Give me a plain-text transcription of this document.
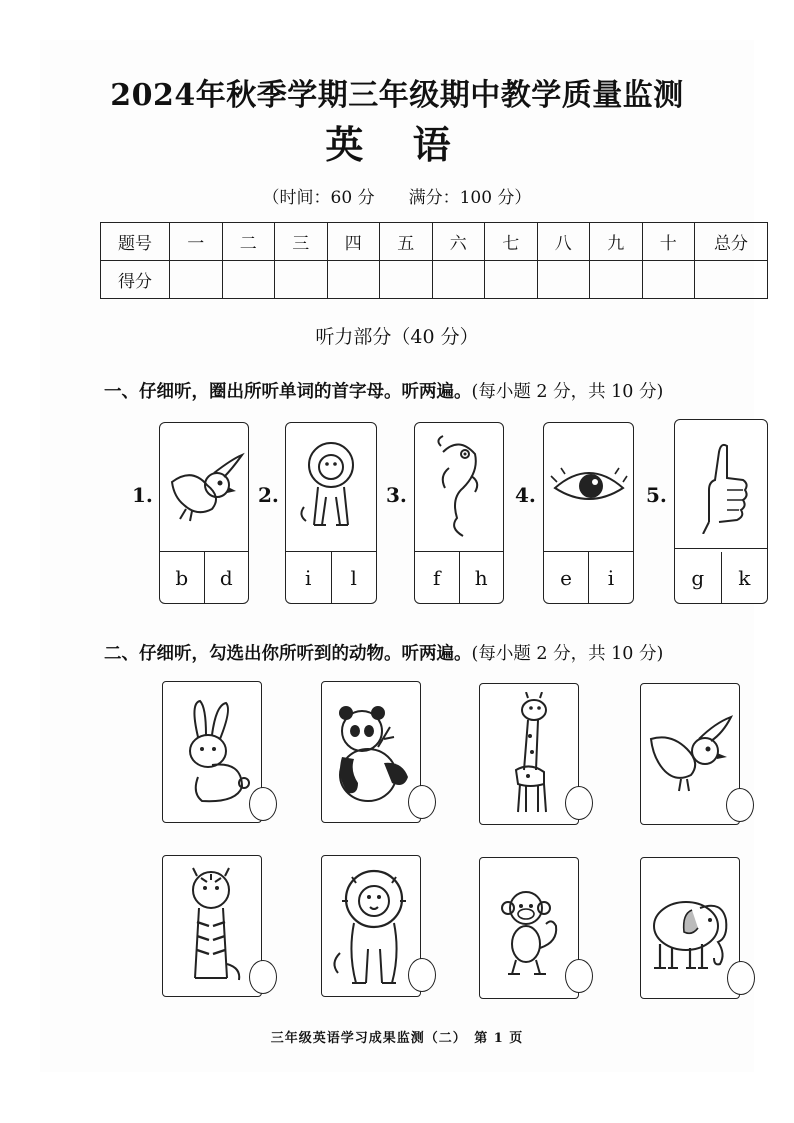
2024年秋季学期三年级期中教学质量监测
英 语
（时间：60 分　　满分：100 分）
题号	一	二	三	四	五	六	七	八	九	十	总分
得分											
听力部分（40 分）
一、仔细听，圈出所听单词的首字母。听两遍。(每小题 2 分，共 10 分)
1.
b	d
2.
i	l
3.
f	h
4.
e	i
5.
g	k
二、仔细听，勾选出你所听到的动物。听两遍。(每小题 2 分，共 10 分)
三年级英语学习成果监测（二）　第 1 页
